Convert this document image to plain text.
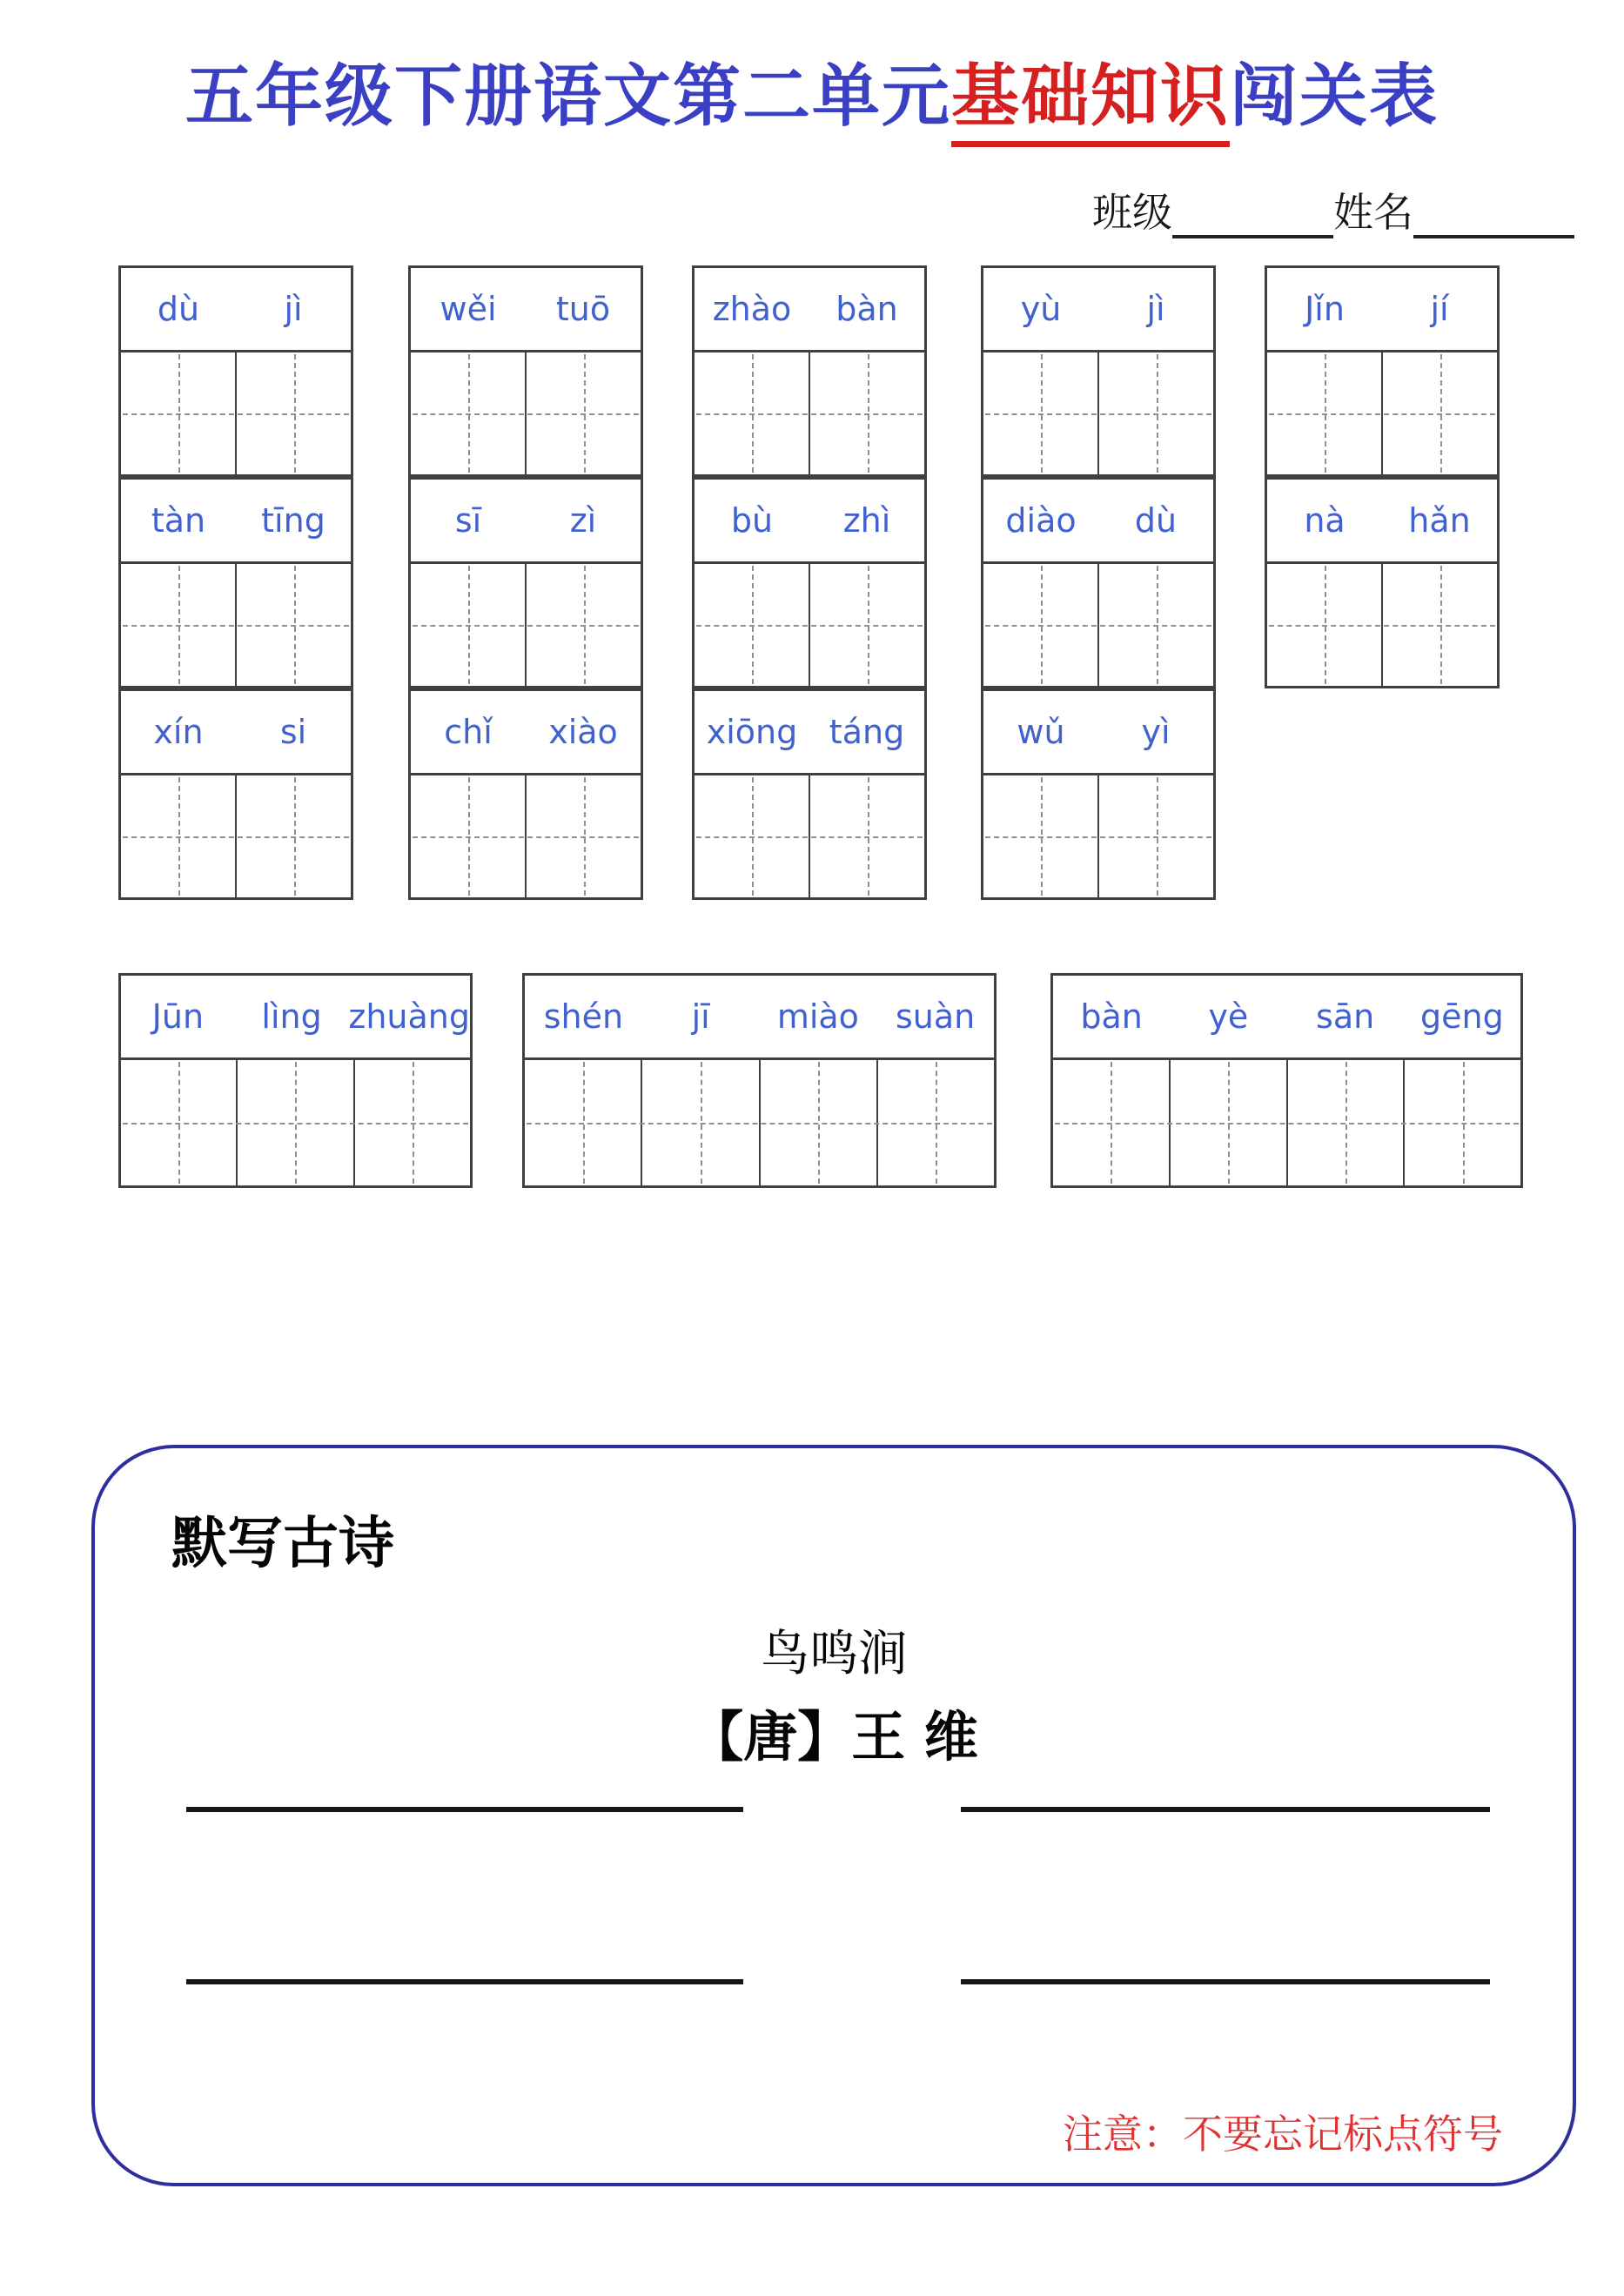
五年级下册语文第二单元基础知识闯关表
班级	姓名
dù	jì
tàn	tīng
xín	si
wěi	tuō
sī	zì
chǐ	xiào
zhào	bàn
bù	zhì
xiōng táng
yù	jì
diào	dù
wǔ	yì
Jǐn	jí
nà	hǎn
Jūn	lìng zhuàng	shén	jī	miào	suàn	bàn	yè	sān	gēng
默写古诗
鸟鸣涧
【唐】王 维
注意：不要忘记标点符号
